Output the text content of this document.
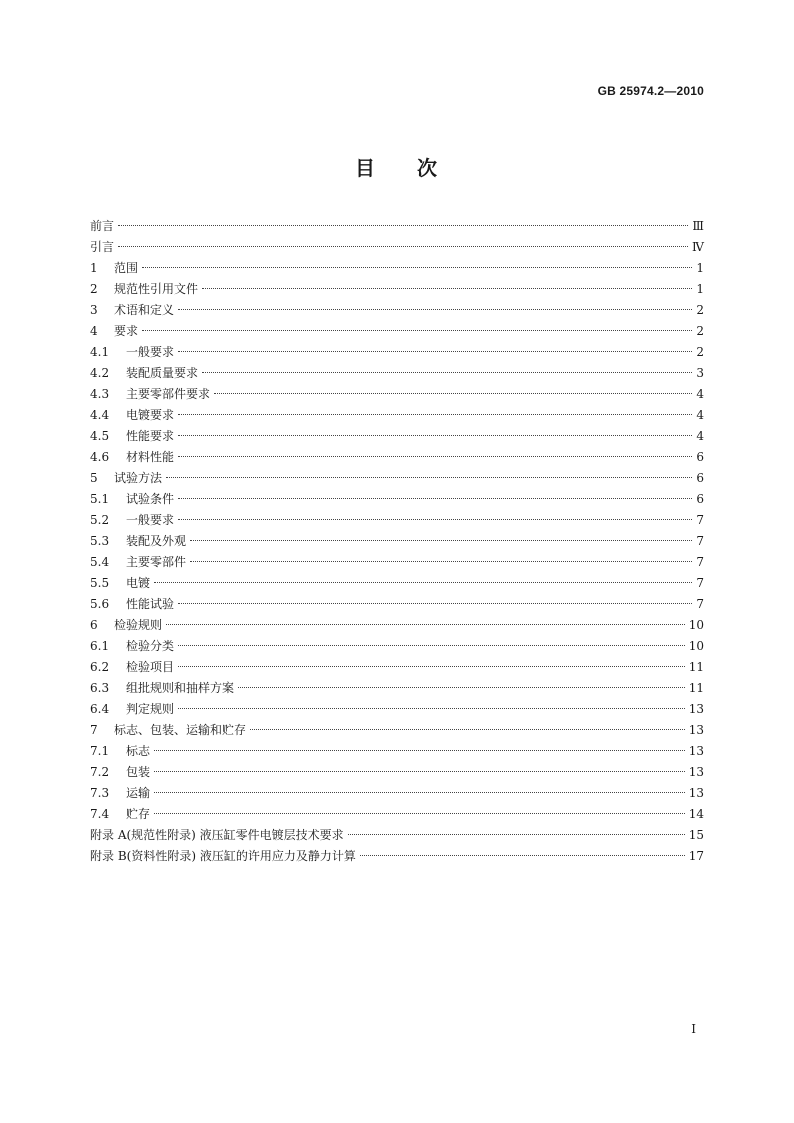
GB 25974.2—2010
目 次
前言	Ⅲ
引言	Ⅳ
1 范围	1
2 规范性引用文件	1
3 术语和定义	2
4 要求	2
4.1 一般要求	2
4.2 装配质量要求	3
4.3 主要零部件要求	4
4.4 电镀要求	4
4.5 性能要求	4
4.6 材料性能	6
5 试验方法	6
5.1 试验条件	6
5.2 一般要求	7
5.3 装配及外观	7
5.4 主要零部件	7
5.5 电镀	7
5.6 性能试验	7
6 检验规则	10
6.1 检验分类	10
6.2 检验项目	11
6.3 组批规则和抽样方案	11
6.4 判定规则	13
7 标志、包装、运输和贮存	13
7.1 标志	13
7.2 包装	13
7.3 运输	13
7.4 贮存	14
附录 A(规范性附录) 液压缸零件电镀层技术要求	15
附录 B(资料性附录) 液压缸的许用应力及静力计算	17
I
